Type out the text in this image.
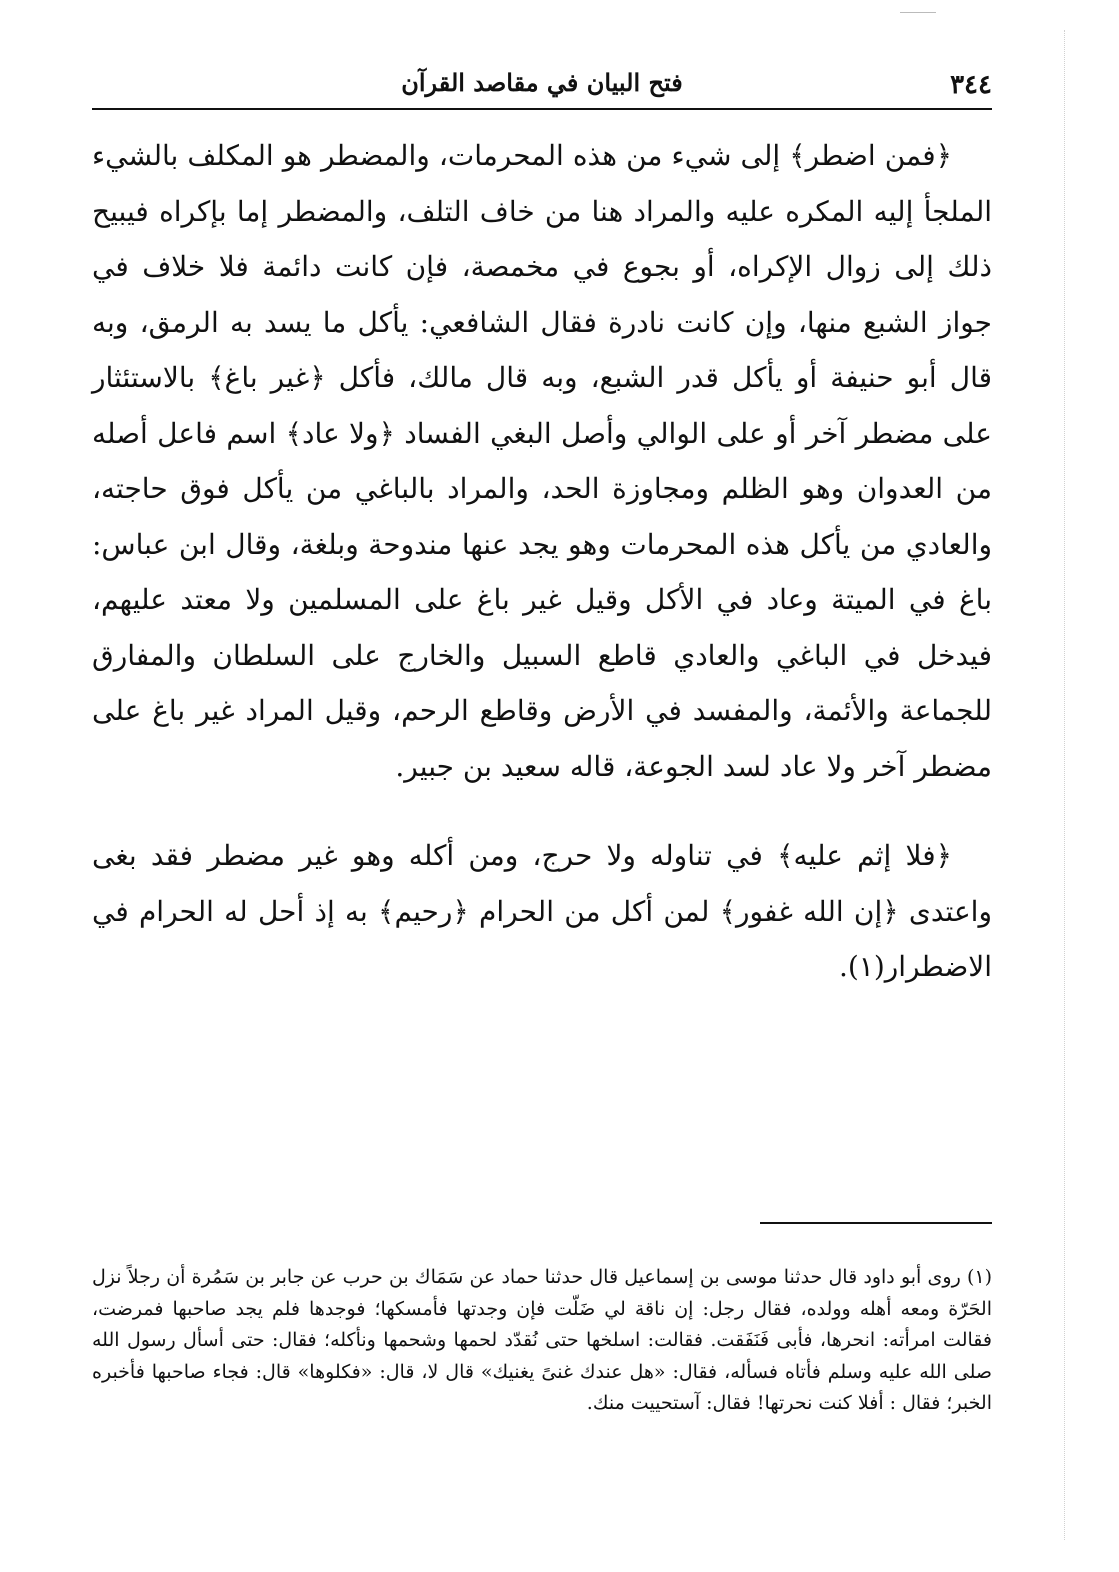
٣٤٤
فتح البيان في مقاصد القرآن

﴿فمن اضطر﴾ إلى شيء من هذه المحرمات، والمضطر هو المكلف بالشيء الملجأ إليه المكره عليه والمراد هنا من خاف التلف، والمضطر إما بإكراه فيبيح ذلك إلى زوال الإكراه، أو بجوع في مخمصة، فإن كانت دائمة فلا خلاف في جواز الشبع منها، وإن كانت نادرة فقال الشافعي: يأكل ما يسد به الرمق، وبه قال أبو حنيفة أو يأكل قدر الشبع، وبه قال مالك، فأكل ﴿غير باغ﴾ بالاستئثار على مضطر آخر أو على الوالي وأصل البغي الفساد ﴿ولا عاد﴾ اسم فاعل أصله من العدوان وهو الظلم ومجاوزة الحد، والمراد بالباغي من يأكل فوق حاجته، والعادي من يأكل هذه المحرمات وهو يجد عنها مندوحة وبلغة، وقال ابن عباس: باغ في الميتة وعاد في الأكل وقيل غير باغ على المسلمين ولا معتد عليهم، فيدخل في الباغي والعادي قاطع السبيل والخارج على السلطان والمفارق للجماعة والأئمة، والمفسد في الأرض وقاطع الرحم، وقيل المراد غير باغ على مضطر آخر ولا عاد لسد الجوعة، قاله سعيد بن جبير.

﴿فلا إثم عليه﴾ في تناوله ولا حرج، ومن أكله وهو غير مضطر فقد بغى واعتدى ﴿إن الله غفور﴾ لمن أكل من الحرام ﴿رحيم﴾ به إذ أحل له الحرام في الاضطرار(١).

(١) روى أبو داود قال حدثنا موسى بن إسماعيل قال حدثنا حماد عن سَمَاك بن حرب عن جابر بن سَمُرة أن رجلاً نزل الحَرّة ومعه أهله وولده، فقال رجل: إن ناقة لي ضَلّت فإن وجدتها فأمسكها؛ فوجدها فلم يجد صاحبها فمرضت، فقالت امرأته: انحرها، فأبى فَنَفَقت. فقالت: اسلخها حتى نُقدّد لحمها وشحمها ونأكله؛ فقال: حتى أسأل رسول الله صلى الله عليه وسلم فأتاه فسأله، فقال: «هل عندك غنىً يغنيك» قال لا، قال: «فكلوها» قال: فجاء صاحبها فأخبره الخبر؛ فقال : أفلا كنت نحرتها! فقال: آستحييت منك.
